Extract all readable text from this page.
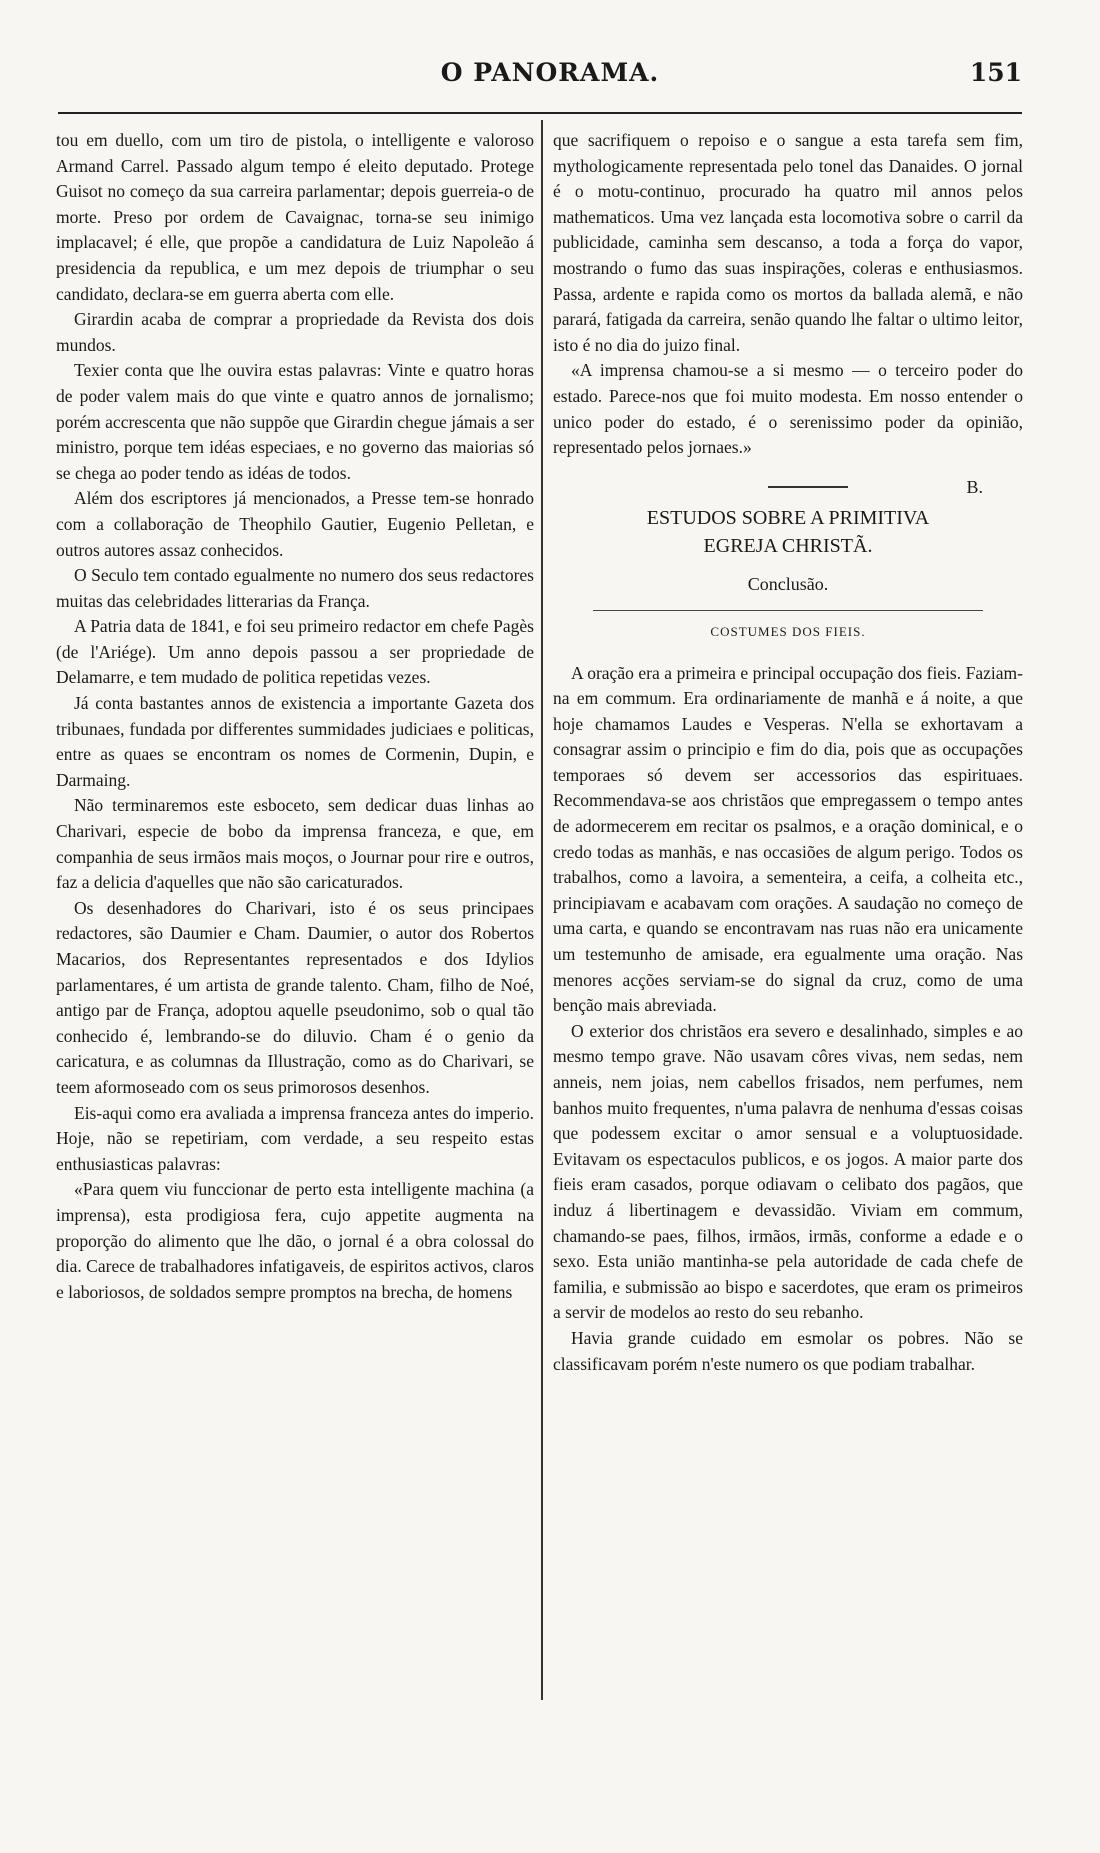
O PANORAMA.	151

tou em duello, com um tiro de pistola, o intelligente e valoroso Armand Carrel. Passado algum tempo é eleito deputado. Protege Guisot no começo da sua carreira parlamentar; depois guerreia-o de morte. Preso por ordem de Cavaignac, torna-se seu inimigo implacavel; é elle, que propõe a candidatura de Luiz Napoleão á presidencia da republica, e um mez depois de triumphar o seu candidato, declara-se em guerra aberta com elle.

Girardin acaba de comprar a propriedade da Revista dos dois mundos.

Texier conta que lhe ouvira estas palavras: Vinte e quatro horas de poder valem mais do que vinte e quatro annos de jornalismo; porém accrescenta que não suppõe que Girardin chegue jámais a ser ministro, porque tem idéas especiaes, e no governo das maiorias só se chega ao poder tendo as idéas de todos.

Além dos escriptores já mencionados, a Presse tem-se honrado com a collaboração de Theophilo Gautier, Eugenio Pelletan, e outros autores assaz conhecidos.

O Seculo tem contado egualmente no numero dos seus redactores muitas das celebridades litterarias da França.

A Patria data de 1841, e foi seu primeiro redactor em chefe Pagès (de l'Ariége). Um anno depois passou a ser propriedade de Delamarre, e tem mudado de politica repetidas vezes.

Já conta bastantes annos de existencia a importante Gazeta dos tribunaes, fundada por differentes summidades judiciaes e politicas, entre as quaes se encontram os nomes de Cormenin, Dupin, e Darmaing.

Não terminaremos este esboceto, sem dedicar duas linhas ao Charivari, especie de bobo da imprensa franceza, e que, em companhia de seus irmãos mais moços, o Journar pour rire e outros, faz a delicia d'aquelles que não são caricaturados.

Os desenhadores do Charivari, isto é os seus principaes redactores, são Daumier e Cham. Daumier, o autor dos Robertos Macarios, dos Representantes representados e dos Idylios parlamentares, é um artista de grande talento. Cham, filho de Noé, antigo par de França, adoptou aquelle pseudonimo, sob o qual tão conhecido é, lembrando-se do diluvio. Cham é o genio da caricatura, e as columnas da Illustração, como as do Charivari, se teem aformoseado com os seus primorosos desenhos.

Eis-aqui como era avaliada a imprensa franceza antes do imperio. Hoje, não se repetiriam, com verdade, a seu respeito estas enthusiasticas palavras:

«Para quem viu funccionar de perto esta intelligente machina (a imprensa), esta prodigiosa fera, cujo appetite augmenta na proporção do alimento que lhe dão, o jornal é a obra colossal do dia. Carece de trabalhadores infatigaveis, de espiritos activos, claros e laboriosos, de soldados sempre promptos na brecha, de homens

que sacrifiquem o repoiso e o sangue a esta tarefa sem fim, mythologicamente representada pelo tonel das Danaides. O jornal é o motu-continuo, procurado ha quatro mil annos pelos mathematicos. Uma vez lançada esta locomotiva sobre o carril da publicidade, caminha sem descanso, a toda a força do vapor, mostrando o fumo das suas inspirações, coleras e enthusiasmos. Passa, ardente e rapida como os mortos da ballada alemã, e não parará, fatigada da carreira, senão quando lhe faltar o ultimo leitor, isto é no dia do juizo final.

«A imprensa chamou-se a si mesmo — o terceiro poder do estado. Parece-nos que foi muito modesta. Em nosso entender o unico poder do estado, é o serenissimo poder da opinião, representado pelos jornaes.»

B.
ESTUDOS SOBRE A PRIMITIVA
EGREJA CHRISTÃ.
Conclusão.
COSTUMES DOS FIEIS.

A oração era a primeira e principal occupação dos fieis. Faziam-na em commum. Era ordinariamente de manhã e á noite, a que hoje chamamos Laudes e Vesperas. N'ella se exhortavam a consagrar assim o principio e fim do dia, pois que as occupações temporaes só devem ser accessorios das espirituaes. Recommendava-se aos christãos que empregassem o tempo antes de adormecerem em recitar os psalmos, e a oração dominical, e o credo todas as manhãs, e nas occasiões de algum perigo. Todos os trabalhos, como a lavoira, a sementeira, a ceifa, a colheita etc., principiavam e acabavam com orações. A saudação no começo de uma carta, e quando se encontravam nas ruas não era unicamente um testemunho de amisade, era egualmente uma oração. Nas menores acções serviam-se do signal da cruz, como de uma benção mais abreviada.

O exterior dos christãos era severo e desalinhado, simples e ao mesmo tempo grave. Não usavam côres vivas, nem sedas, nem anneis, nem joias, nem cabellos frisados, nem perfumes, nem banhos muito frequentes, n'uma palavra de nenhuma d'essas coisas que podessem excitar o amor sensual e a voluptuosidade. Evitavam os espectaculos publicos, e os jogos. A maior parte dos fieis eram casados, porque odiavam o celibato dos pagãos, que induz á libertinagem e devassidão. Viviam em commum, chamando-se paes, filhos, irmãos, irmãs, conforme a edade e o sexo. Esta união mantinha-se pela autoridade de cada chefe de familia, e submissão ao bispo e sacerdotes, que eram os primeiros a servir de modelos ao resto do seu rebanho.

Havia grande cuidado em esmolar os pobres. Não se classificavam porém n'este numero os que podiam trabalhar.
